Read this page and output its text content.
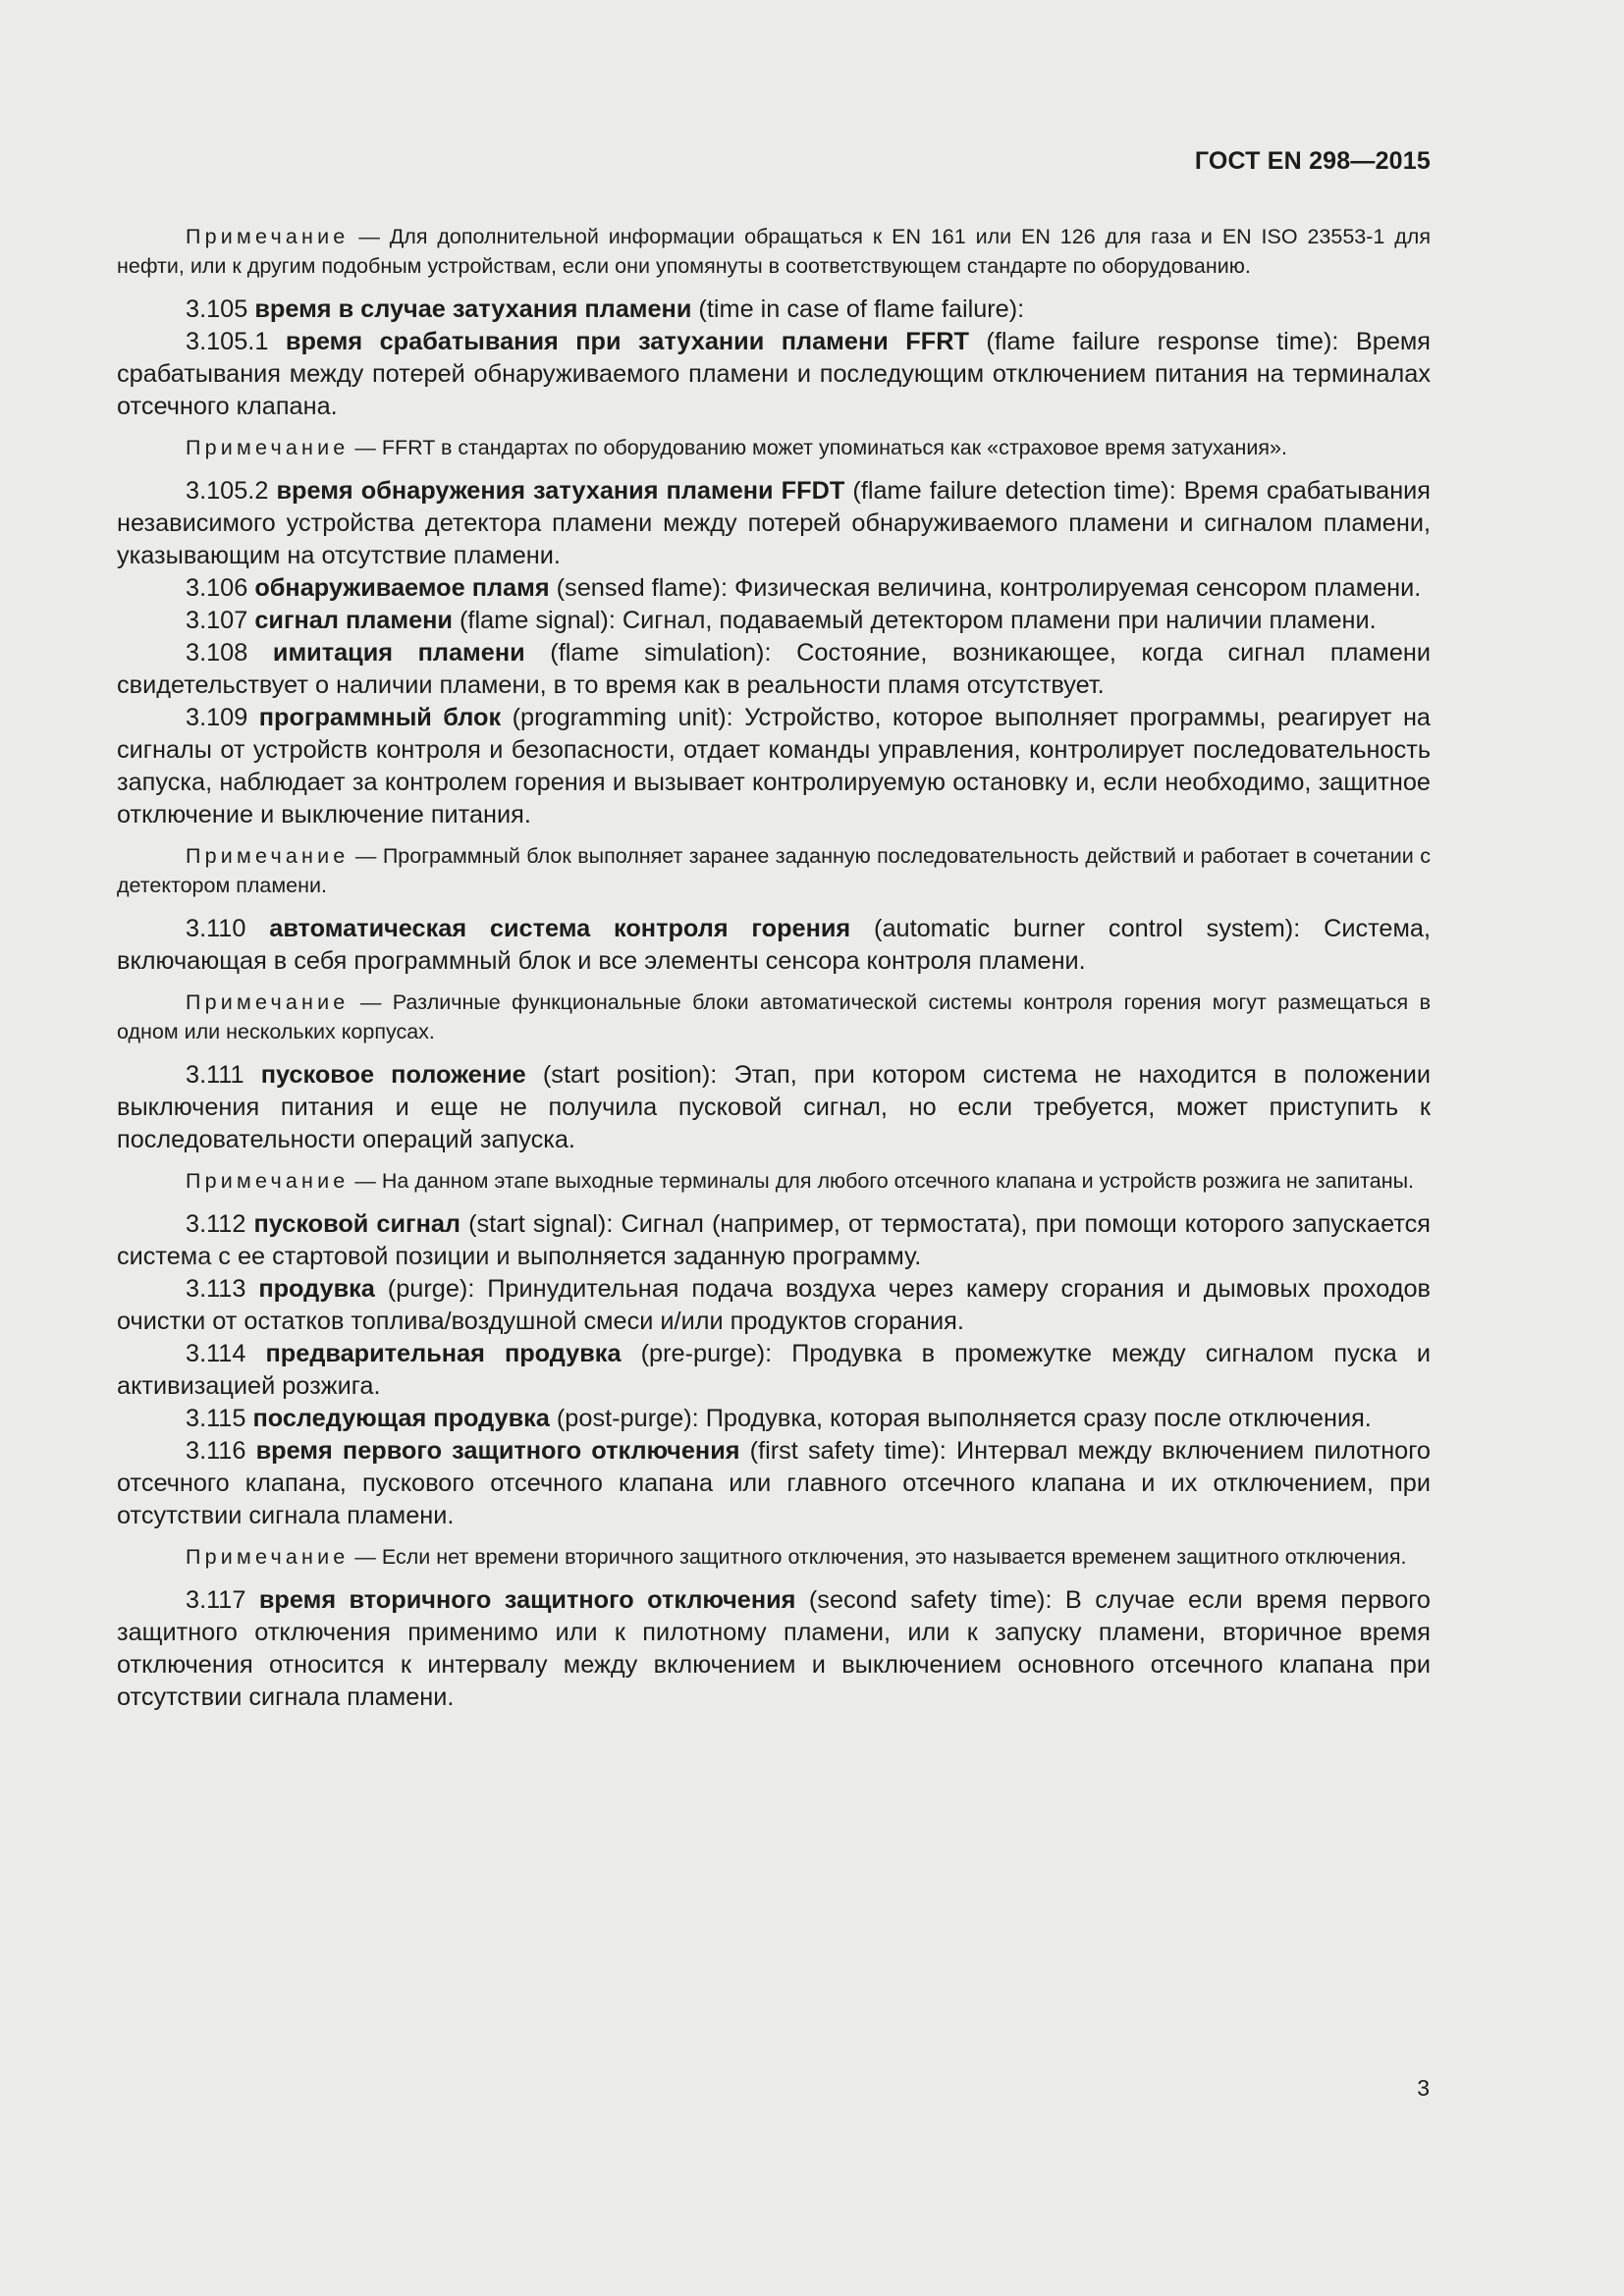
ГОСТ EN 298—2015

Примечание — Для дополнительной информации обращаться к EN 161 или EN 126 для газа и EN ISO 23553-1 для нефти, или к другим подобным устройствам, если они упомянуты в соответствующем стандарте по оборудованию.

3.105 время в случае затухания пламени (time in case of flame failure):

3.105.1 время срабатывания при затухании пламени FFRT (flame failure response time): Время срабатывания между потерей обнаруживаемого пламени и последующим отключением питания на терминалах отсечного клапана.

Примечание — FFRT в стандартах по оборудованию может упоминаться как «страховое время затухания».

3.105.2 время обнаружения затухания пламени FFDT (flame failure detection time): Время срабатывания независимого устройства детектора пламени между потерей обнаруживаемого пламени и сигналом пламени, указывающим на отсутствие пламени.

3.106 обнаруживаемое пламя (sensed flame): Физическая величина, контролируемая сенсором пламени.

3.107 сигнал пламени (flame signal): Сигнал, подаваемый детектором пламени при наличии пламени.

3.108 имитация пламени (flame simulation): Состояние, возникающее, когда сигнал пламени свидетельствует о наличии пламени, в то время как в реальности пламя отсутствует.

3.109 программный блок (programming unit): Устройство, которое выполняет программы, реагирует на сигналы от устройств контроля и безопасности, отдает команды управления, контролирует последовательность запуска, наблюдает за контролем горения и вызывает контролируемую остановку и, если необходимо, защитное отключение и выключение питания.

Примечание — Программный блок выполняет заранее заданную последовательность действий и работает в сочетании с детектором пламени.

3.110 автоматическая система контроля горения (automatic burner control system): Система, включающая в себя программный блок и все элементы сенсора контроля пламени.

Примечание — Различные функциональные блоки автоматической системы контроля горения могут размещаться в одном или нескольких корпусах.

3.111 пусковое положение (start position): Этап, при котором система не находится в положении выключения питания и еще не получила пусковой сигнал, но если требуется, может приступить к последовательности операций запуска.

Примечание — На данном этапе выходные терминалы для любого отсечного клапана и устройств розжига не запитаны.

3.112 пусковой сигнал (start signal): Сигнал (например, от термостата), при помощи которого запускается система с ее стартовой позиции и выполняется заданную программу.

3.113 продувка (purge): Принудительная подача воздуха через камеру сгорания и дымовых проходов очистки от остатков топлива/воздушной смеси и/или продуктов сгорания.

3.114 предварительная продувка (pre-purge): Продувка в промежутке между сигналом пуска и активизацией розжига.

3.115 последующая продувка (post-purge): Продувка, которая выполняется сразу после отключения.

3.116 время первого защитного отключения (first safety time): Интервал между включением пилотного отсечного клапана, пускового отсечного клапана или главного отсечного клапана и их отключением, при отсутствии сигнала пламени.

Примечание — Если нет времени вторичного защитного отключения, это называется временем защитного отключения.

3.117 время вторичного защитного отключения (second safety time): В случае если время первого защитного отключения применимо или к пилотному пламени, или к запуску пламени, вторичное время отключения относится к интервалу между включением и выключением основного отсечного клапана при отсутствии сигнала пламени.

3
